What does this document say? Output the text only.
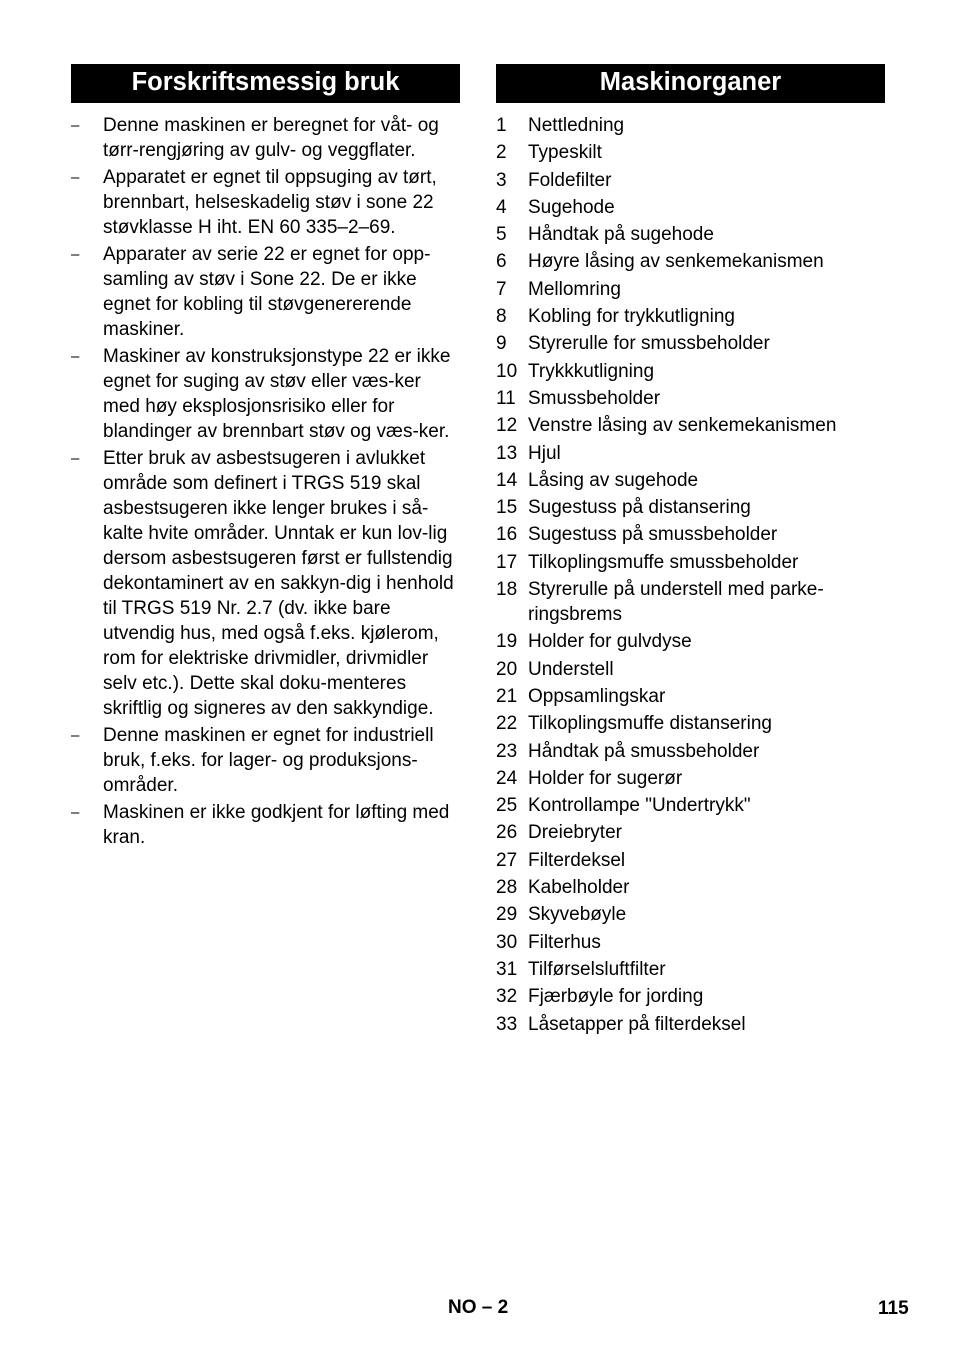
Forskriftsmessig bruk
– Denne maskinen er beregnet for våt- og tørr-rengjøring av gulv- og veggflater.
– Apparatet er egnet til oppsuging av tørt, brennbart, helseskadelig støv i sone 22 støvklasse H iht. EN 60 335–2–69.
– Apparater av serie 22 er egnet for opp-samling av støv i Sone 22. De er ikke egnet for kobling til støvgenererende maskiner.
– Maskiner av konstruksjonstype 22 er ikke egnet for suging av støv eller væs-ker med høy eksplosjonsrisiko eller for blandinger av brennbart støv og væs-ker.
– Etter bruk av asbestsugeren i avlukket område som definert i TRGS 519 skal asbestsugeren ikke lenger brukes i så-kalte hvite områder. Unntak er kun lov-lig dersom asbestsugeren først er fullstendig dekontaminert av en sakkyn-dig i henhold til TRGS 519 Nr. 2.7 (dv. ikke bare utvendig hus, med også f.eks. kjølerom, rom for elektriske drivmidler, drivmidler selv etc.). Dette skal doku-menteres skriftlig og signeres av den sakkyndige.
– Denne maskinen er egnet for industriell bruk, f.eks. for lager- og produksjons-områder.
– Maskinen er ikke godkjent for løfting med kran.
Maskinorganer
1 Nettledning
2 Typeskilt
3 Foldefilter
4 Sugehode
5 Håndtak på sugehode
6 Høyre låsing av senkemekanismen
7 Mellomring
8 Kobling for trykkutligning
9 Styrerulle for smussbeholder
10 Trykkkutligning
11 Smussbeholder
12 Venstre låsing av senkemekanismen
13 Hjul
14 Låsing av sugehode
15 Sugestuss på distansering
16 Sugestuss på smussbeholder
17 Tilkoplingsmuffe smussbeholder
18 Styrerulle på understell med parke-ringsbrems
19 Holder for gulvdyse
20 Understell
21 Oppsamlingskar
22 Tilkoplingsmuffe distansering
23 Håndtak på smussbeholder
24 Holder for sugerør
25 Kontrollampe "Undertrykk"
26 Dreiebryter
27 Filterdeksel
28 Kabelholder
29 Skyvebøyle
30 Filterhus
31 Tilførselsluftfilter
32 Fjærbøyle for jording
33 Låsetapper på filterdeksel
NO – 2	115
